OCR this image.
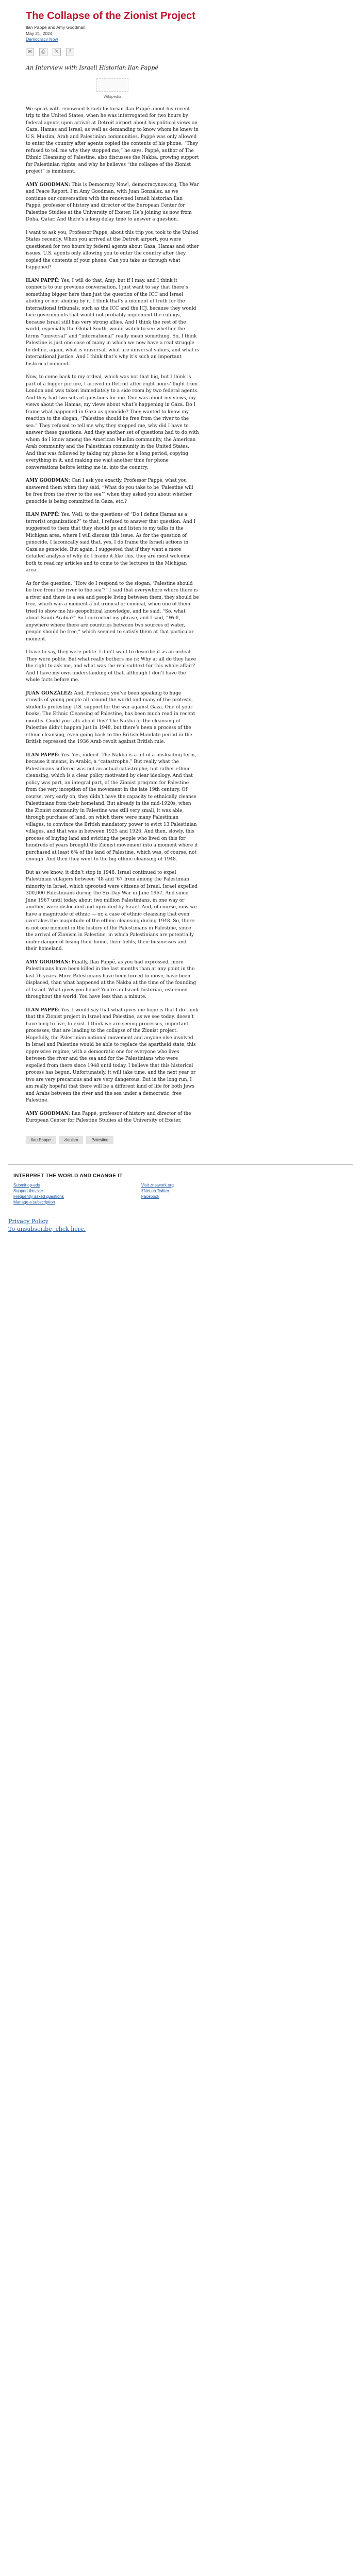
The Collapse of the Zionist Project
Ilan Pappe and Amy Goodman
May 21, 2024
Democracy Now
✉	⎙	𝕏	f

An Interview with Israeli Historian Ilan Pappé

Wikipedia

We speak with renowned Israeli historian Ilan Pappé about his recent trip to the United States, when he was interrogated for two hours by federal agents upon arrival at Detroit airport about his political views on Gaza, Hamas and Israel, as well as demanding to know whom he knew in U.S. Muslim, Arab and Palestinian communities. Pappé was only allowed to enter the country after agents copied the contents of his phone. “They refused to tell me why they stopped me,” he says. Pappé, author of The Ethnic Cleansing of Palestine, also discusses the Nakba, growing support for Palestinian rights, and why he believes “the collapse of the Zionist project” is imminent.

AMY GOODMAN: This is Democracy Now!, democracynow.org, The War and Peace Report. I’m Amy Goodman, with Juan González, as we continue our conversation with the renowned Israeli historian Ilan Pappé, professor of history and director of the European Center for Palestine Studies at the University of Exeter. He’s joining us now from Doha, Qatar. And there’s a long delay time to answer a question.

I want to ask you, Professor Pappé, about this trip you took to the United States recently. When you arrived at the Detroit airport, you were questioned for two hours by federal agents about Gaza, Hamas and other issues, U.S. agents only allowing you to enter the country after they copied the contents of your phone. Can you take us through what happened?

ILAN PAPPÉ: Yes, I will do that, Amy, but if I may, and I think it connects to our previous conversation, I just want to say that there’s something bigger here than just the question of the ICC and Israel abiding or not abiding by it. I think that’s a moment of truth for the international tribunals, such as the ICC and the ICJ, because they would face governments that would not probably implement the rulings, because Israel still has very strong allies. And I think the rest of the world, especially the Global South, would watch to see whether the terms “universal” and “international” really mean something. So, I think Palestine is just one case of many in which we now have a real struggle to define, again, what is universal, what are universal values, and what is international justice. And I think that’s why it’s such an important historical moment.

Now, to come back to my ordeal, which was not that big, but I think is part of a bigger picture, I arrived in Detroit after eight hours’ flight from London and was taken immediately to a side room by two federal agents. And they had two sets of questions for me. One was about my views, my views about the Hamas, my views about what’s happening in Gaza. Do I frame what happened in Gaza as genocide? They wanted to know my reaction to the slogan, “Palestine should be free from the river to the sea.” They refused to tell me why they stopped me, why did I have to answer these questions. And they another set of questions had to do with whom do I know among the American Muslim community, the American Arab community and the Palestinian community in the United States. And that was followed by taking my phone for a long period, copying everything in it, and making me wait another time for phone conversations before letting me in, into the country.

AMY GOODMAN: Can I ask you exactly, Professor Pappé, what you answered them when they said, “What do you take to be ‘Palestine will be free from the river to the sea’” when they asked you about whether genocide is being committed in Gaza, etc.?

ILAN PAPPÉ: Yes. Well, to the questions of “Do I define Hamas as a terrorist organization?” to that, I refused to answer that question. And I suggested to them that they should go and listen to my talks in the Michigan area, where I will discuss this issue. As for the question of genocide, I laconically said that, yes, I do frame the Israeli actions in Gaza as genocide. But again, I suggested that if they want a more detailed analysis of why do I frame it like this, they are most welcome both to read my articles and to come to the lectures in the Michigan area.

As for the question, “How do I respond to the slogan, ‘Palestine should be free from the river to the sea’?” I said that everywhere where there is a river and there is a sea and people living between them, they should be free, which was a moment a bit ironical or comical, when one of them tried to show me his geopolitical knowledge, and he said, “So, what about Saudi Arabia?” So I corrected my phrase, and I said, “Well, anywhere where there are countries between two sources of water, people should be free,” which seemed to satisfy them at that particular moment.

I have to say, they were polite. I don’t want to describe it as an ordeal. They were polite. But what really bothers me is: Why at all do they have the right to ask me, and what was the real subtext for this whole affair? And I have my own understanding of that, although I don’t have the whole facts before me.

JUAN GONZÁLEZ: And, Professor, you’ve been speaking to huge crowds of young people all around the world and many of the protests, students protesting U.S. support for the war against Gaza. One of your books, The Ethnic Cleansing of Palestine, has been much read in recent months. Could you talk about this? The Nakba or the cleansing of Palestine didn’t happen just in 1948, but there’s been a process of the ethnic cleansing, even going back to the British Mandate period in the British repressed the 1936 Arab revolt against British rule.

ILAN PAPPÉ: Yes. Yes, indeed. The Nakba is a bit of a misleading term, because it means, in Arabic, a “catastrophe.” But really what the Palestinians suffered was not an actual catastrophe, but rather ethnic cleansing, which is a clear policy motivated by clear ideology. And that policy was part, an integral part, of the Zionist program for Palestine from the very inception of the movement in the late 19th century. Of course, very early on, they didn’t have the capacity to ethnically cleanse Palestinians from their homeland. But already in the mid-1920s, when the Zionist community in Palestine was still very small, it was able, through purchase of land, on which there were many Palestinian villages, to convince the British mandatory power to evict 13 Palestinian villages, and that was in between 1925 and 1926. And then, slowly, this process of buying land and evicting the people who lived on this for hundreds of years brought the Zionist movement into a moment where it purchased at least 6% of the land of Palestine, which was, of course, not enough. And then they went to the big ethnic cleansing of 1948.

But as we know, it didn’t stop in 1948. Israel continued to expel Palestinian villagers between ’48 and ’67 from among the Palestinian minority in Israel, which uprooted were citizens of Israel. Israel expelled 300,000 Palestinians during the Six-Day War in June 1967. And since June 1967 until today, about two million Palestinians, in one way or another, were dislocated and uprooted by Israel. And, of course, now we have a magnitude of ethnic — or, a case of ethnic cleansing that even overtakes the magnitude of the ethnic cleansing during 1948. So, there is not one moment in the history of the Palestinians in Palestine, since the arrival of Zionism in Palestine, in which Palestinians are potentially under danger of losing their home, their fields, their businesses and their homeland.

AMY GOODMAN: Finally, Ilan Pappé, as you had expressed, more Palestinians have been killed in the last months than at any point in the last 76 years. More Palestinians have been forced to move, have been displaced, than what happened at the Nakba at the time of the founding of Israel. What gives you hope? You’re an Israeli historian, esteemed throughout the world. You have less than a minute.

ILAN PAPPÉ: Yes. I would say that what gives me hope is that I do think that the Zionist project in Israel and Palestine, as we see today, doesn’t have long to live, to exist. I think we are seeing processes, important processes, that are leading to the collapse of the Zionist project. Hopefully, the Palestinian national movement and anyone else involved in Israel and Palestine would be able to replace the apartheid state, this oppressive regime, with a democratic one for everyone who lives between the river and the sea and for the Palestinians who were expelled from there since 1948 until today. I believe that this historical process has begun. Unfortunately, it will take time, and the next year or two are very precarious and are very dangerous. But in the long run, I am really hopeful that there will be a different kind of life for both Jews and Arabs between the river and the sea under a democratic, free Palestine.

AMY GOODMAN: Ilan Pappé, professor of history and director of the European Center for Palestine Studies at the University of Exeter.

Ilan Pappe	zionism	Palestine
INTERPRET THE WORLD AND CHANGE IT
Submit op-eds
Support this site
Frequently asked questions
Manage a subscription
Visit znetwork.org
ZNet on Twitter
Facebook
Privacy Policy
To unsubscribe, click here.
